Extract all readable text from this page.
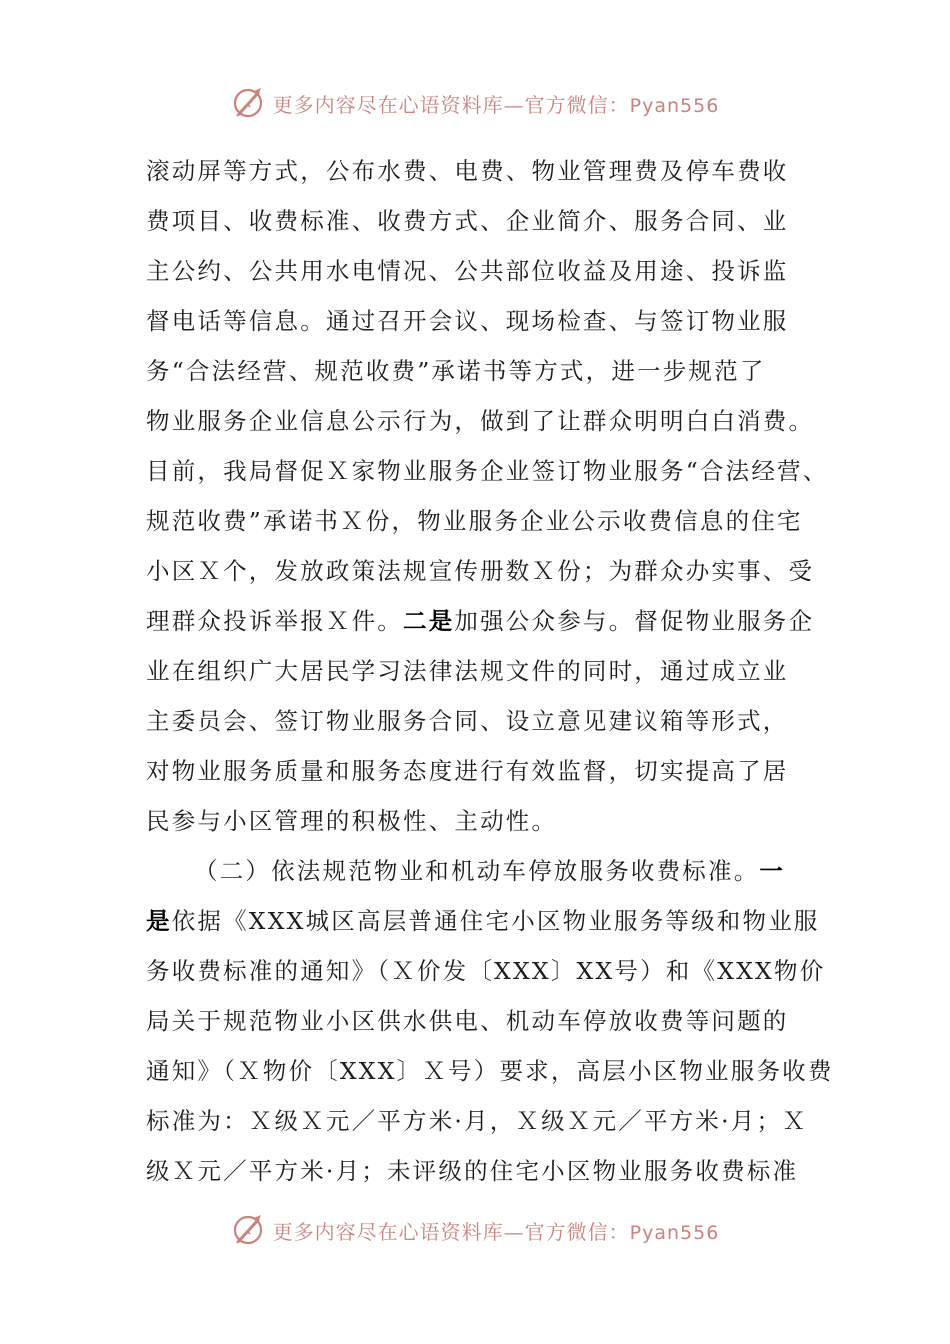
更多内容尽在心语资料库—官方微信：Pyan556
滚动屏等方式，公布水费、电费、物业管理费及停车费收
费项目、收费标准、收费方式、企业简介、服务合同、业
主公约、公共用水电情况、公共部位收益及用途、投诉监
督电话等信息。通过召开会议、现场检查、与签订物业服
务“合法经营、规范收费”承诺书等方式，进一步规范了
物业服务企业信息公示行为，做到了让群众明明白白消费。
目前，我局督促Ｘ家物业服务企业签订物业服务“合法经营、
规范收费”承诺书Ｘ份，物业服务企业公示收费信息的住宅
小区Ｘ个，发放政策法规宣传册数Ｘ份；为群众办实事、受
理群众投诉举报Ｘ件。二是加强公众参与。督促物业服务企
业在组织广大居民学习法律法规文件的同时，通过成立业
主委员会、签订物业服务合同、设立意见建议箱等形式，
对物业服务质量和服务态度进行有效监督，切实提高了居
民参与小区管理的积极性、主动性。
（二）依法规范物业和机动车停放服务收费标准。一
是依据《XXX城区高层普通住宅小区物业服务等级和物业服
务收费标准的通知》（Ｘ价发〔XXX〕XX号）和《XXX物价
局关于规范物业小区供水供电、机动车停放收费等问题的
通知》（Ｘ物价〔XXX〕Ｘ号）要求，高层小区物业服务收费
标准为：Ｘ级Ｘ元／平方米·月，Ｘ级Ｘ元／平方米·月；Ｘ
级Ｘ元／平方米·月；未评级的住宅小区物业服务收费标准
更多内容尽在心语资料库—官方微信：Pyan556
